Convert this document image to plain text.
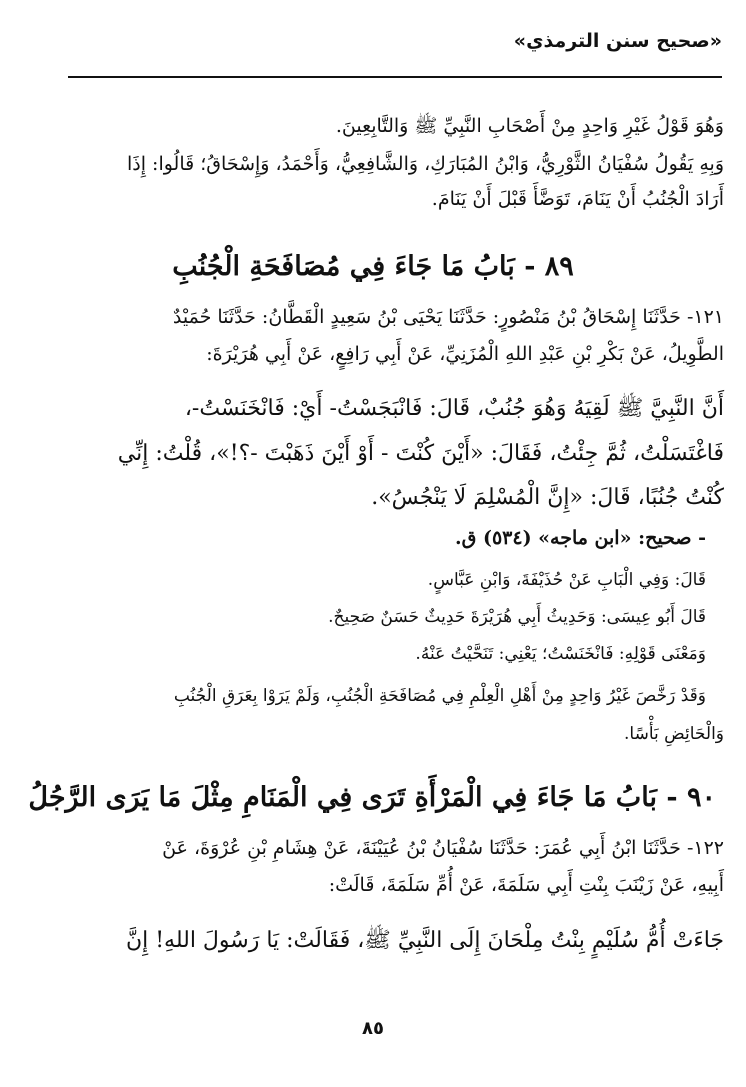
«صحيح سنن الترمذي»
وَهُوَ قَوْلُ غَيْرِ وَاحِدٍ مِنْ أَصْحَابِ النَّبِيِّ ﷺ وَالتَّابِعِينَ.
وَبِهِ يَقُولُ سُفْيَانُ الثَّوْرِيُّ، وَابْنُ المُبَارَكِ، وَالشَّافِعِيُّ، وَأَحْمَدُ، وَإِسْحَاقُ؛ قَالُوا: إِذَا
أَرَادَ الْجُنُبُ أَنْ يَنَامَ، تَوَضَّأَ قَبْلَ أَنْ يَنَامَ.
٨٩ - بَابُ مَا جَاءَ فِي مُصَافَحَةِ الْجُنُبِ
١٢١- حَدَّثَنَا إِسْحَاقُ بْنُ مَنْصُورٍ: حَدَّثَنَا يَحْيَى بْنُ سَعِيدٍ الْقَطَّانُ: حَدَّثَنَا حُمَيْدٌ
الطَّوِيلُ، عَنْ بَكْرِ بْنِ عَبْدِ اللهِ الْمُزَنِيِّ، عَنْ أَبِي رَافِعٍ، عَنْ أَبِي هُرَيْرَةَ:
أَنَّ النَّبِيَّ ﷺ لَقِيَهُ وَهُوَ جُنُبٌ، قَالَ: فَانْبَجَسْتُ- أَيْ: فَانْخَنَسْتُ-،
فَاغْتَسَلْتُ، ثُمَّ جِئْتُ، فَقَالَ: «أَيْنَ كُنْتَ - أَوْ أَيْنَ ذَهَبْتَ -؟!»، قُلْتُ: إِنِّي
كُنْتُ جُنُبًا، قَالَ: «إِنَّ الْمُسْلِمَ لَا يَنْجُسُ».
- صحيح: «ابن ماجه» (٥٣٤) ق.
قَالَ: وَفِي الْبَابِ عَنْ حُذَيْفَةَ، وَابْنِ عَبَّاسٍ.
قَالَ أَبُو عِيسَى: وَحَدِيثُ أَبِي هُرَيْرَةَ حَدِيثٌ حَسَنٌ صَحِيحٌ.
وَمَعْنَى قَوْلِهِ: فَانْخَنَسْتُ؛ يَعْنِي: تَنَحَّيْتُ عَنْهُ.
وَقَدْ رَخَّصَ غَيْرُ وَاحِدٍ مِنْ أَهْلِ الْعِلْمِ فِي مُصَافَحَةِ الْجُنُبِ، وَلَمْ يَرَوْا بِعَرَقِ الْجُنُبِ
وَالْحَائِضِ بَأْسًا.
٩٠ - بَابُ مَا جَاءَ فِي الْمَرْأَةِ تَرَى فِي الْمَنَامِ مِثْلَ مَا يَرَى الرَّجُلُ
١٢٢- حَدَّثَنَا ابْنُ أَبِي عُمَرَ: حَدَّثَنَا سُفْيَانُ بْنُ عُيَيْنَةَ، عَنْ هِشَامِ بْنِ عُرْوَةَ، عَنْ
أَبِيهِ، عَنْ زَيْنَبَ بِنْتِ أَبِي سَلَمَةَ، عَنْ أُمِّ سَلَمَةَ، قَالَتْ:
جَاءَتْ أُمُّ سُلَيْمٍ بِنْتُ مِلْحَانَ إِلَى النَّبِيِّ ﷺ، فَقَالَتْ: يَا رَسُولَ اللهِ! إِنَّ
٨٥
